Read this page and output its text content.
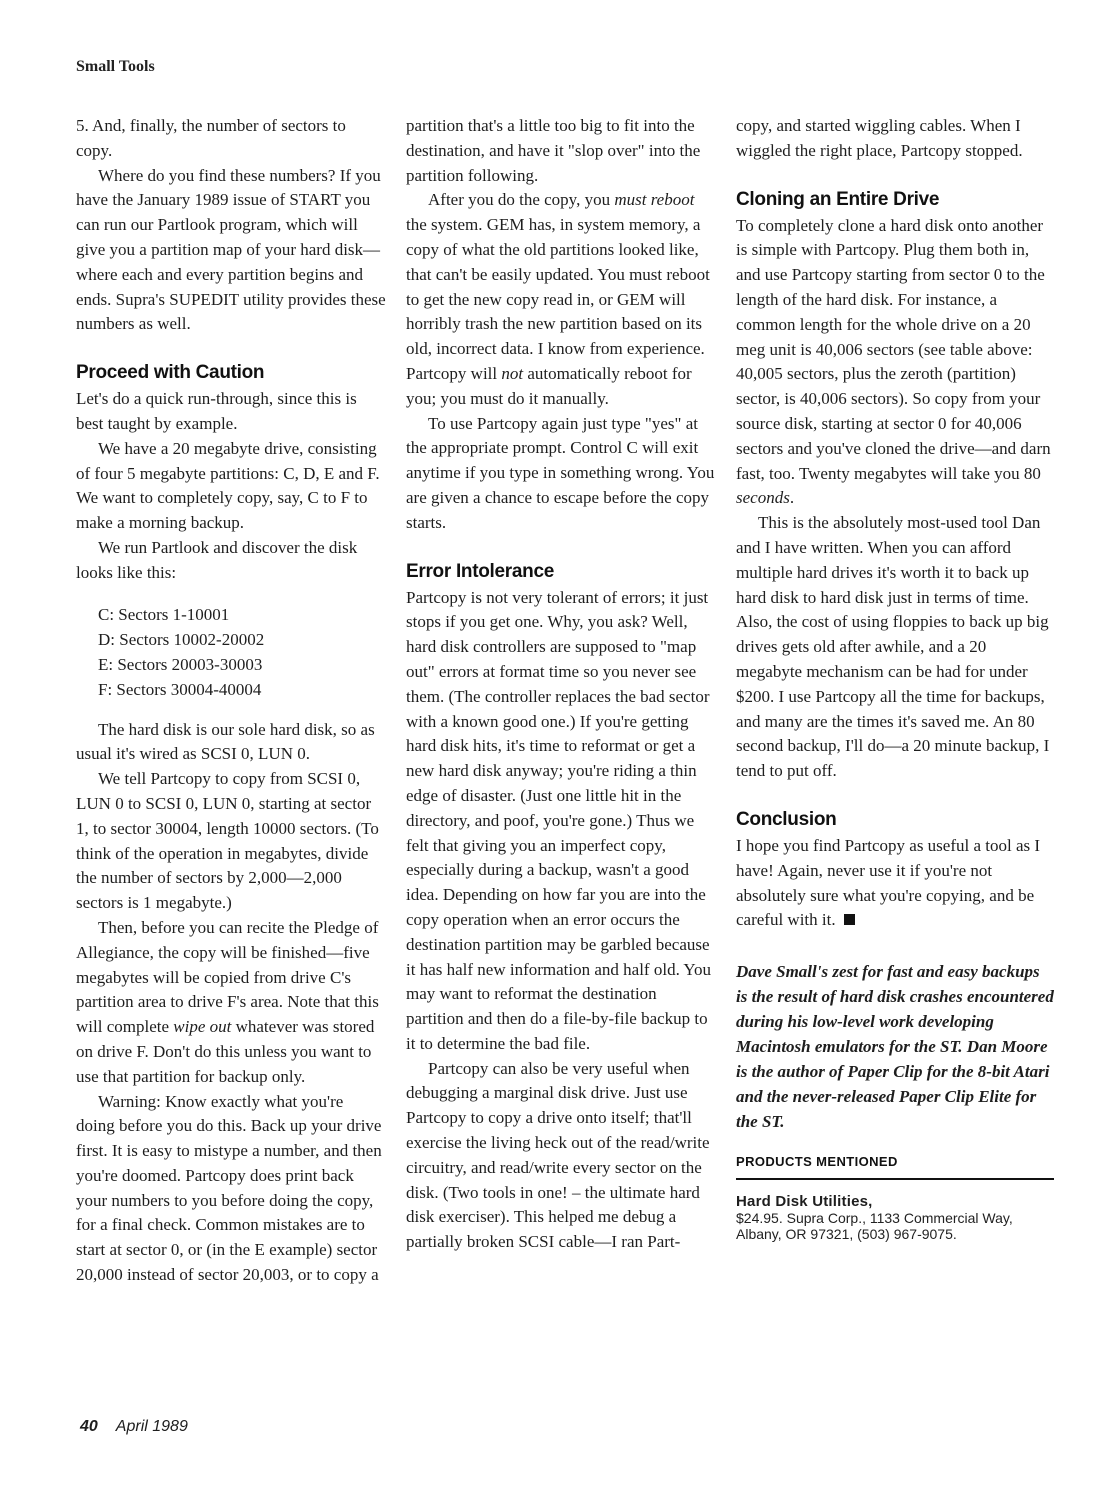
Small Tools

5. And, finally, the number of sectors to copy.

Where do you find these numbers? If you have the January 1989 issue of START you can run our Partlook program, which will give you a partition map of your hard disk—where each and every partition begins and ends. Supra's SUPEDIT utility provides these numbers as well.

Proceed with Caution

Let's do a quick run-through, since this is best taught by example.

We have a 20 megabyte drive, consisting of four 5 megabyte partitions: C, D, E and F. We want to completely copy, say, C to F to make a morning backup.

We run Partlook and discover the disk looks like this:

C: Sectors 1-10001
D: Sectors 10002-20002
E: Sectors 20003-30003
F: Sectors 30004-40004

The hard disk is our sole hard disk, so as usual it's wired as SCSI 0, LUN 0.

We tell Partcopy to copy from SCSI 0, LUN 0 to SCSI 0, LUN 0, starting at sector 1, to sector 30004, length 10000 sectors. (To think of the operation in megabytes, divide the number of sectors by 2,000—2,000 sectors is 1 megabyte.)

Then, before you can recite the Pledge of Allegiance, the copy will be finished—five megabytes will be copied from drive C's partition area to drive F's area. Note that this will complete wipe out whatever was stored on drive F. Don't do this unless you want to use that partition for backup only.

Warning: Know exactly what you're doing before you do this. Back up your drive first. It is easy to mistype a number, and then you're doomed. Partcopy does print back your numbers to you before doing the copy, for a final check. Common mistakes are to start at sector 0, or (in the E example) sector 20,000 instead of sector 20,003, or to copy a

partition that's a little too big to fit into the destination, and have it "slop over" into the partition following.

After you do the copy, you must reboot the system. GEM has, in system memory, a copy of what the old partitions looked like, that can't be easily updated. You must reboot to get the new copy read in, or GEM will horribly trash the new partition based on its old, incorrect data. I know from experience. Partcopy will not automatically reboot for you; you must do it manually.

To use Partcopy again just type "yes" at the appropriate prompt. Control C will exit anytime if you type in something wrong. You are given a chance to escape before the copy starts.

Error Intolerance

Partcopy is not very tolerant of errors; it just stops if you get one. Why, you ask? Well, hard disk controllers are supposed to "map out" errors at format time so you never see them. (The controller replaces the bad sector with a known good one.) If you're getting hard disk hits, it's time to reformat or get a new hard disk anyway; you're riding a thin edge of disaster. (Just one little hit in the directory, and poof, you're gone.) Thus we felt that giving you an imperfect copy, especially during a backup, wasn't a good idea. Depending on how far you are into the copy operation when an error occurs the destination partition may be garbled because it has half new information and half old. You may want to reformat the destination partition and then do a file-by-file backup to it to determine the bad file.

Partcopy can also be very useful when debugging a marginal disk drive. Just use Partcopy to copy a drive onto itself; that'll exercise the living heck out of the read/write circuitry, and read/write every sector on the disk. (Two tools in one! – the ultimate hard disk exerciser). This helped me debug a partially broken SCSI cable—I ran Part-

copy, and started wiggling cables. When I wiggled the right place, Partcopy stopped.

Cloning an Entire Drive

To completely clone a hard disk onto another is simple with Partcopy. Plug them both in, and use Partcopy starting from sector 0 to the length of the hard disk. For instance, a common length for the whole drive on a 20 meg unit is 40,006 sectors (see table above: 40,005 sectors, plus the zeroth (partition) sector, is 40,006 sectors). So copy from your source disk, starting at sector 0 for 40,006 sectors and you've cloned the drive—and darn fast, too. Twenty megabytes will take you 80 seconds.

This is the absolutely most-used tool Dan and I have written. When you can afford multiple hard drives it's worth it to back up hard disk to hard disk just in terms of time. Also, the cost of using floppies to back up big drives gets old after awhile, and a 20 megabyte mechanism can be had for under $200. I use Partcopy all the time for backups, and many are the times it's saved me. An 80 second backup, I'll do—a 20 minute backup, I tend to put off.

Conclusion

I hope you find Partcopy as useful a tool as I have! Again, never use it if you're not absolutely sure what you're copying, and be careful with it.

Dave Small's zest for fast and easy backups is the result of hard disk crashes encountered during his low-level work developing Macintosh emulators for the ST. Dan Moore is the author of Paper Clip for the 8-bit Atari and the never-released Paper Clip Elite for the ST.

PRODUCTS MENTIONED
Hard Disk Utilities,
$24.95. Supra Corp., 1133 Commercial Way, Albany, OR 97321, (503) 967-9075.
40 April 1989
